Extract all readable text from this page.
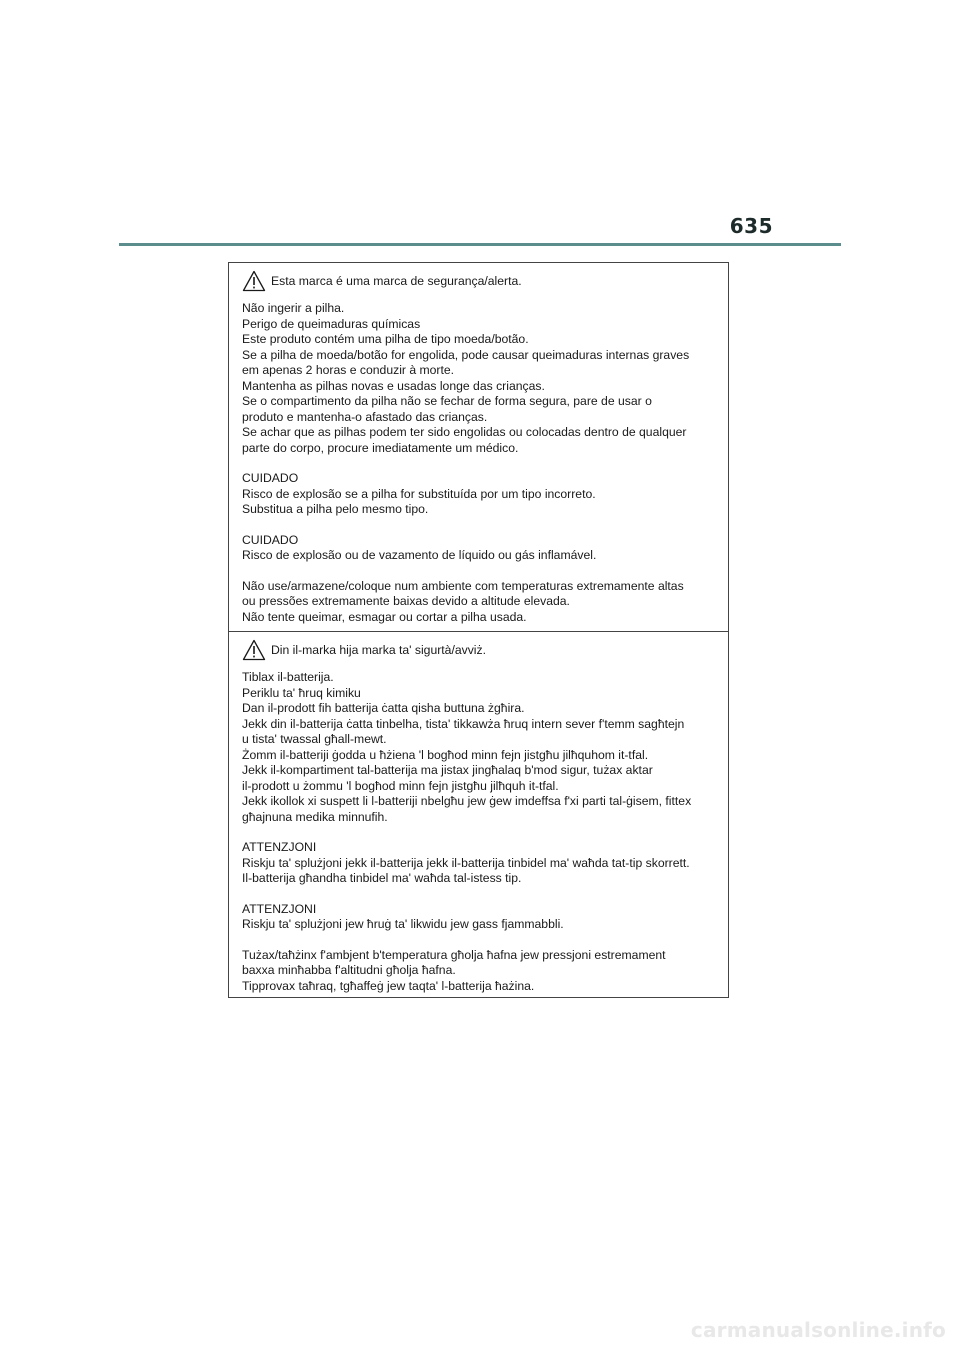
635
Esta marca é uma marca de segurança/alerta.
Não ingerir a pilha.
Perigo de queimaduras químicas
Este produto contém uma pilha de tipo moeda/botão.
Se a pilha de moeda/botão for engolida, pode causar queimaduras internas graves
em apenas 2 horas e conduzir à morte.
Mantenha as pilhas novas e usadas longe das crianças.
Se o compartimento da pilha não se fechar de forma segura, pare de usar o
produto e mantenha-o afastado das crianças.
Se achar que as pilhas podem ter sido engolidas ou colocadas dentro de qualquer
parte do corpo, procure imediatamente um médico.
CUIDADO
Risco de explosão se a pilha for substituída por um tipo incorreto.
Substitua a pilha pelo mesmo tipo.
CUIDADO
Risco de explosão ou de vazamento de líquido ou gás inflamável.
Não use/armazene/coloque num ambiente com temperaturas extremamente altas
ou pressões extremamente baixas devido a altitude elevada.
Não tente queimar, esmagar ou cortar a pilha usada.
Din il-marka hija marka ta' sigurtà/avviż.
Tiblax il-batterija.
Periklu ta' ħruq kimiku
Dan il-prodott fih batterija ċatta qisha buttuna żgħira.
Jekk din il-batterija ċatta tinbelha, tista' tikkawża ħruq intern sever f'temm sagħtejn
u tista' twassal għall-mewt.
Żomm il-batteriji ġodda u ħżiena 'l bogħod minn fejn jistgħu jilħquhom it-tfal.
Jekk il-kompartiment tal-batterija ma jistax jingħalaq b'mod sigur, tużax aktar
il-prodott u żommu 'l bogħod minn fejn jistgħu jilħquh it-tfal.
Jekk ikollok xi suspett li l-batteriji nbelgħu jew ġew imdeffsa f'xi parti tal-ġisem, fittex
għajnuna medika minnufih.
ATTENZJONI
Riskju ta' splużjoni jekk il-batterija jekk il-batterija tinbidel ma' waħda tat-tip skorrett.
Il-batterija għandha tinbidel ma' waħda tal-istess tip.
ATTENZJONI
Riskju ta' splużjoni jew ħruġ ta' likwidu jew gass fjammabbli.
Tużax/taħżinx f'ambjent b'temperatura għolja ħafna jew pressjoni estremament
baxxa minħabba f'altitudni għolja ħafna.
Tipprovax taħraq, tgħaffeġ jew taqta' l-batterija ħażina.
carmanualsonline.info
